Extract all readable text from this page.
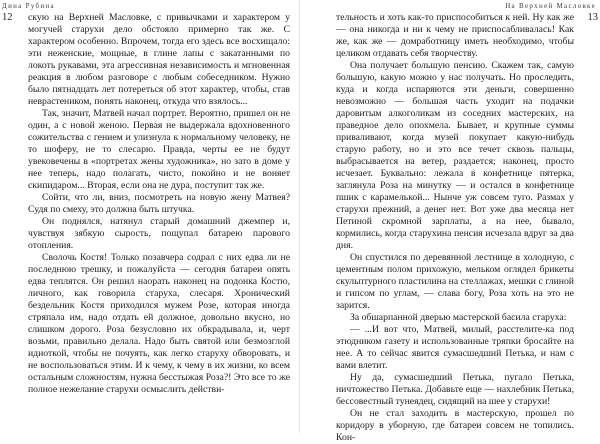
Дина Рубина
12 скую на Верхней Масловке, с привычками и характером у могучей старухи дело обстояло примерно так же. С характером особенно. Впрочем, тогда его здесь все восхищало: эти неженские, мощные, в глине лапы с закатанными по локоть рукавами, эта агрессивная независимость и мгновенная реакция в любом разговоре с любым собеседником. Нужно было пятнадцать лет потереться об этот характер, чтобы, став неврастеником, понять наконец, откуда что взялось...

Так, значит, Матвей начал портрет. Вероятно, пришел он не один, а с новой женою. Первая не выдержала вдохновенного сожительства с гением и улизнула к нормальному человеку, не то шоферу, не то слесарю. Правда, черты ее не будут увековечены в «портретах жены художника», но зато в доме у нее теперь, надо полагать, чисто, покойно и не воняет скипидаром... Вторая, если она не дура, поступит так же.

Сойти, что ли, вниз, посмотреть на новую жену Матвея? Судя по смеху, это должна быть штучка.

Он поднялся, натянул старый домашний джемпер и, чувствуя зябкую сырость, пощупал батарею парового отопления.

Сволочь Костя! Только позавчера содрал с них едва ли не последнюю трешку, и пожалуйста — сегодня батареи опять едва теплятся. Он решил наорать наконец на подонка Костю, личного, как говорила старуха, слесаря. Хронический бездельник Костя приходился мужем Розе, которая иногда стряпала им, надо отдать ей должное, довольно вкусно, но слишком дорого. Роза безусловно их обкрадывала, и, черт возьми, правильно делала. Надо быть святой или безмозглой идиоткой, чтобы не почуять, как легко старуху обворовать, и не воспользоваться этим. И к чему, к чему в их жизни, ко всем остальным сложностям, нужна бесстыжая Роза?! Это все то же полное нежелание старухи осмыслить действи-

На Верхней Масловке
13

тельность и хоть как-то приспособиться к ней. Ну как же — она никогда и ни к чему не приспосабливалась! Как же, как же — домработницу иметь необходимо, чтобы целиком отдавать себя творчеству.

Она получает большую пенсию. Скажем так, самую большую, какую можно у нас получать. Но проследить, куда и когда испаряются эти деньги, совершенно невозможно — большая часть уходит на подачки даровитым алкоголикам из соседних мастерских, на праведное дело опохмела. Бывает, и крупные суммы приваливают, когда музей покупает какую-нибудь старую работу, но и это все течет сквозь пальцы, выбрасывается на ветер, раздается; наконец, просто исчезает. Буквально: лежала в конфетнице пятерка, заглянула Роза на минутку — и остался в конфетнице пшик с карамелькой... Нынче уж совсем туго. Размах у старухи прежний, а денег нет. Вот уже два месяца нет Петиной скромной зарплаты, а на нее, бывало, кормились, когда старухина пенсия исчезала вдруг за два дня.

Он спустился по деревянной лестнице в холодную, с цементным полом прихожую, мельком оглядел брикеты скульптурного пластилина на стеллажах, мешки с глиной и гипсом по углам, — слава богу, Роза хоть на это не зарится.

За обшарпанной дверью мастерской басила старуха:

— ...И вот что, Матвей, милый, расстелите-ка под этюдником газету и использованные тряпки бросайте на нее. А то сейчас явится сумасшедший Петька, и нам с вами влетит.

Ну да, сумасшедший Петька, пугало Петька, ничтожество Петька. Добавьте еще — нахлебник Петька, бессовестный тунеядец, сидящий на шее у старухи!

Он не стал заходить в мастерскую, прошел по коридору в уборную, где батареи совсем не топились. Кон-
